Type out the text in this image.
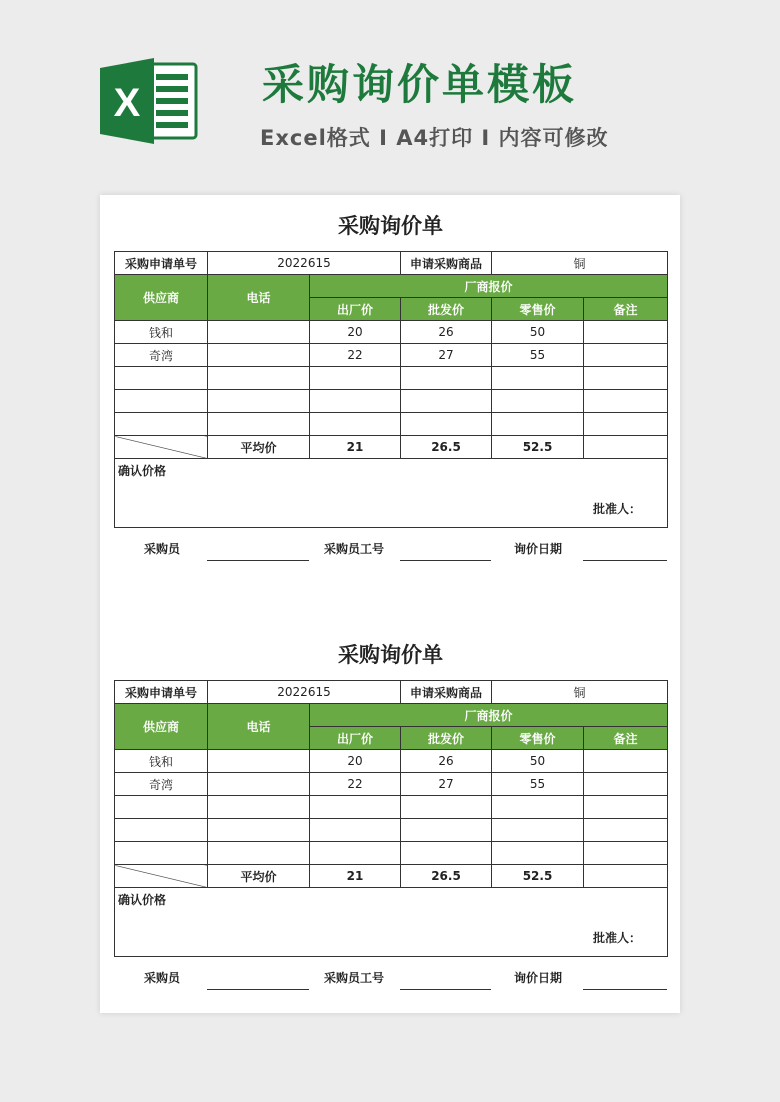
X	采购询价单模板
Excel格式 I A4打印 I 内容可修改
采购询价单
采购申请单号	2022615		申请采购商品	铜	
供应商	电话	厂商报价			
		出厂价	批发价	零售价	备注
钱和		20	26	50	
奇湾		22	27	55	

	平均价	21	26.5	52.5	

确认价格
批准人：					
采购员	采购员工号	询价日期
采购询价单
采购申请单号	2022615		申请采购商品	铜	
供应商	电话	厂商报价			
		出厂价	批发价	零售价	备注
钱和		20	26	50	
奇湾		22	27	55	

	平均价	21	26.5	52.5	

确认价格
批准人：					
采购员	采购员工号	询价日期
